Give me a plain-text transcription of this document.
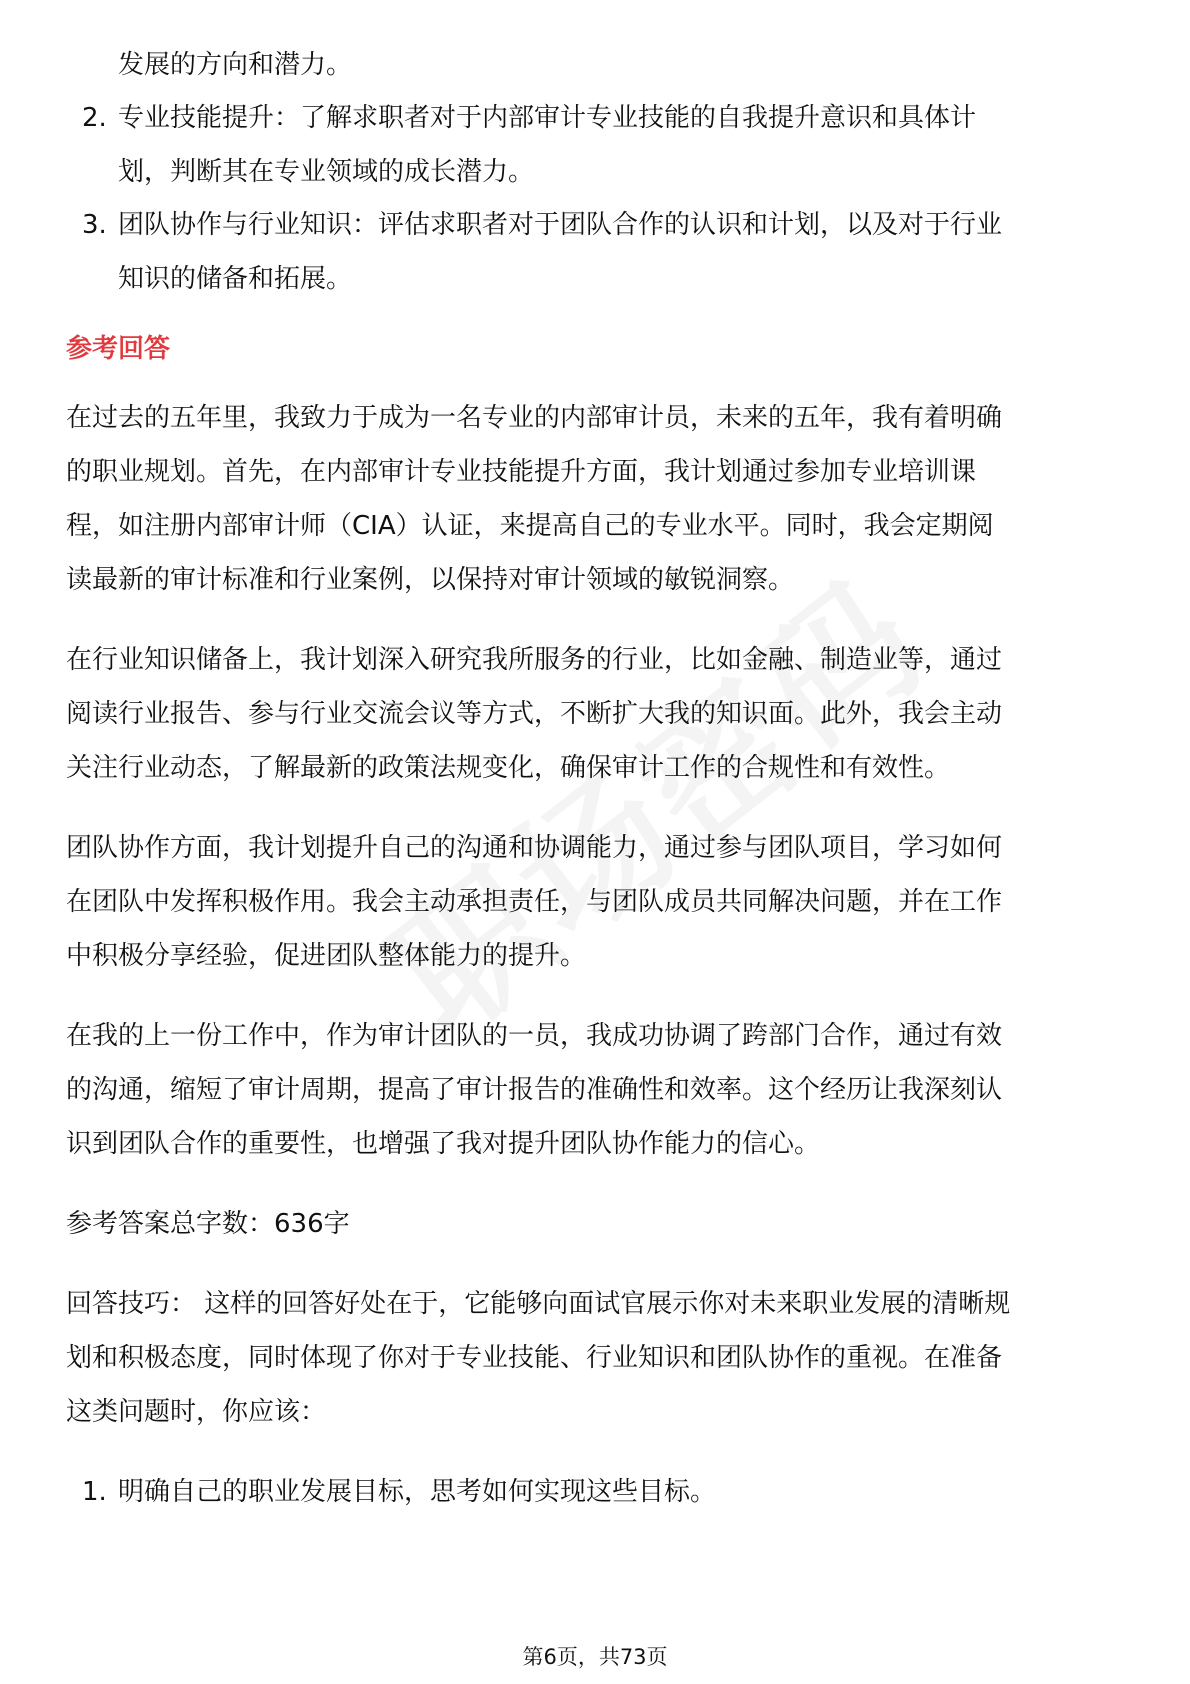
发展的方向和潜力。
2. 专业技能提升：了解求职者对于内部审计专业技能的自我提升意识和具体计
划，判断其在专业领域的成长潜力。
3. 团队协作与行业知识：评估求职者对于团队合作的认识和计划，以及对于行业
知识的储备和拓展。
参考回答
在过去的五年里，我致力于成为一名专业的内部审计员，未来的五年，我有着明确
的职业规划。首先，在内部审计专业技能提升方面，我计划通过参加专业培训课
程，如注册内部审计师（CIA）认证，来提高自己的专业水平。同时，我会定期阅
读最新的审计标准和行业案例，以保持对审计领域的敏锐洞察。
在行业知识储备上，我计划深入研究我所服务的行业，比如金融、制造业等，通过
阅读行业报告、参与行业交流会议等方式，不断扩大我的知识面。此外，我会主动
关注行业动态，了解最新的政策法规变化，确保审计工作的合规性和有效性。
团队协作方面，我计划提升自己的沟通和协调能力，通过参与团队项目，学习如何
在团队中发挥积极作用。我会主动承担责任，与团队成员共同解决问题，并在工作
中积极分享经验，促进团队整体能力的提升。
在我的上一份工作中，作为审计团队的一员，我成功协调了跨部门合作，通过有效
的沟通，缩短了审计周期，提高了审计报告的准确性和效率。这个经历让我深刻认
识到团队合作的重要性，也增强了我对提升团队协作能力的信心。
参考答案总字数：636字
回答技巧： 这样的回答好处在于，它能够向面试官展示你对未来职业发展的清晰规
划和积极态度，同时体现了你对于专业技能、行业知识和团队协作的重视。在准备
这类问题时，你应该：
1. 明确自己的职业发展目标，思考如何实现这些目标。
第6页，共73页
